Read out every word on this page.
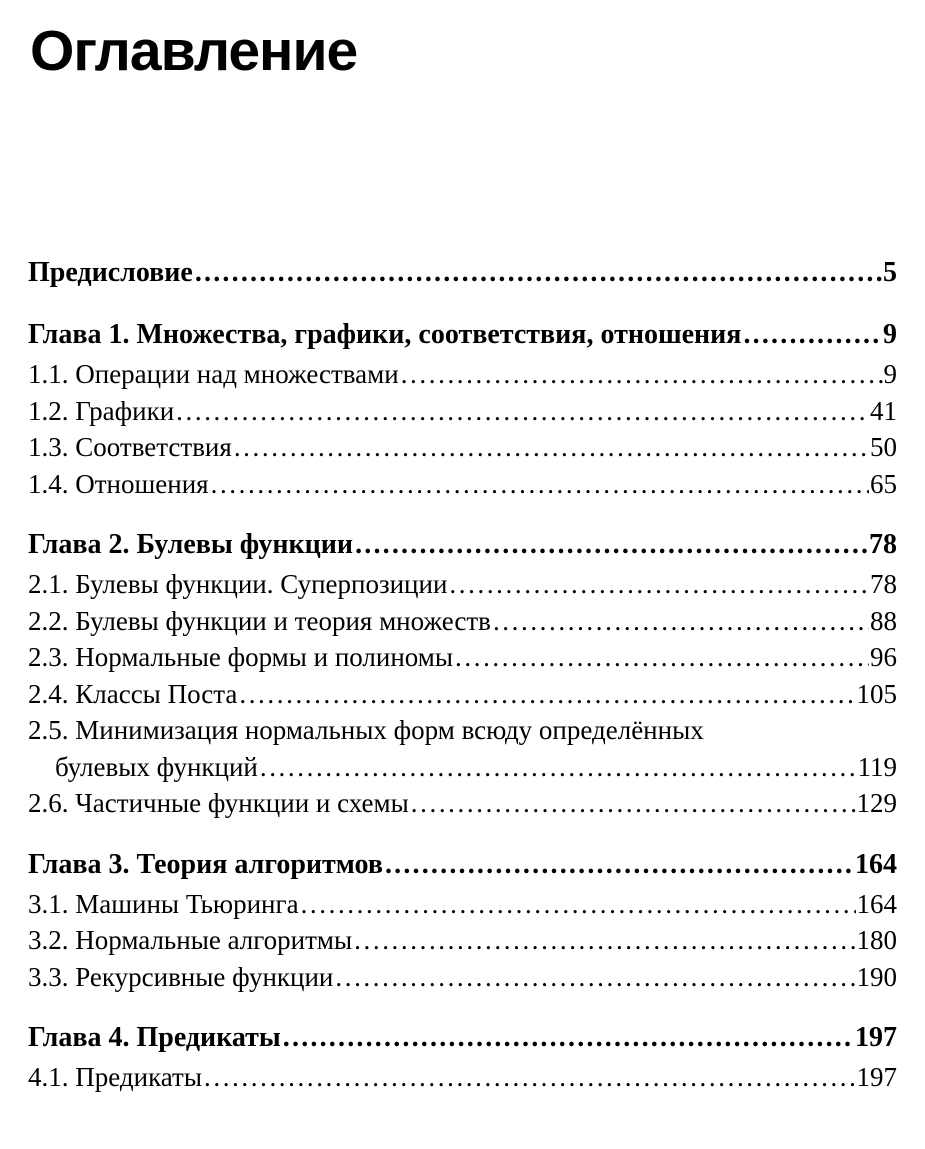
Оглавление
Предисловие .....	5
Глава 1. Множества, графики, соответствия, отношения .....	9
1.1. Операции над множествами .....	9
1.2. Графики .....	41
1.3. Соответствия .....	50
1.4. Отношения .....	65
Глава 2. Булевы функции .....	78
2.1. Булевы функции. Суперпозиции .....	78
2.2. Булевы функции и теория множеств .....	88
2.3. Нормальные формы и полиномы .....	96
2.4. Классы Поста .....	105
2.5. Минимизация нормальных форм всюду определённых
булевых функций .....	119
2.6. Частичные функции и схемы .....	129
Глава 3. Теория алгоритмов .....	164
3.1. Машины Тьюринга .....	164
3.2. Нормальные алгоритмы .....	180
3.3. Рекурсивные функции .....	190
Глава 4. Предикаты .....	197
4.1. Предикаты .....	197
